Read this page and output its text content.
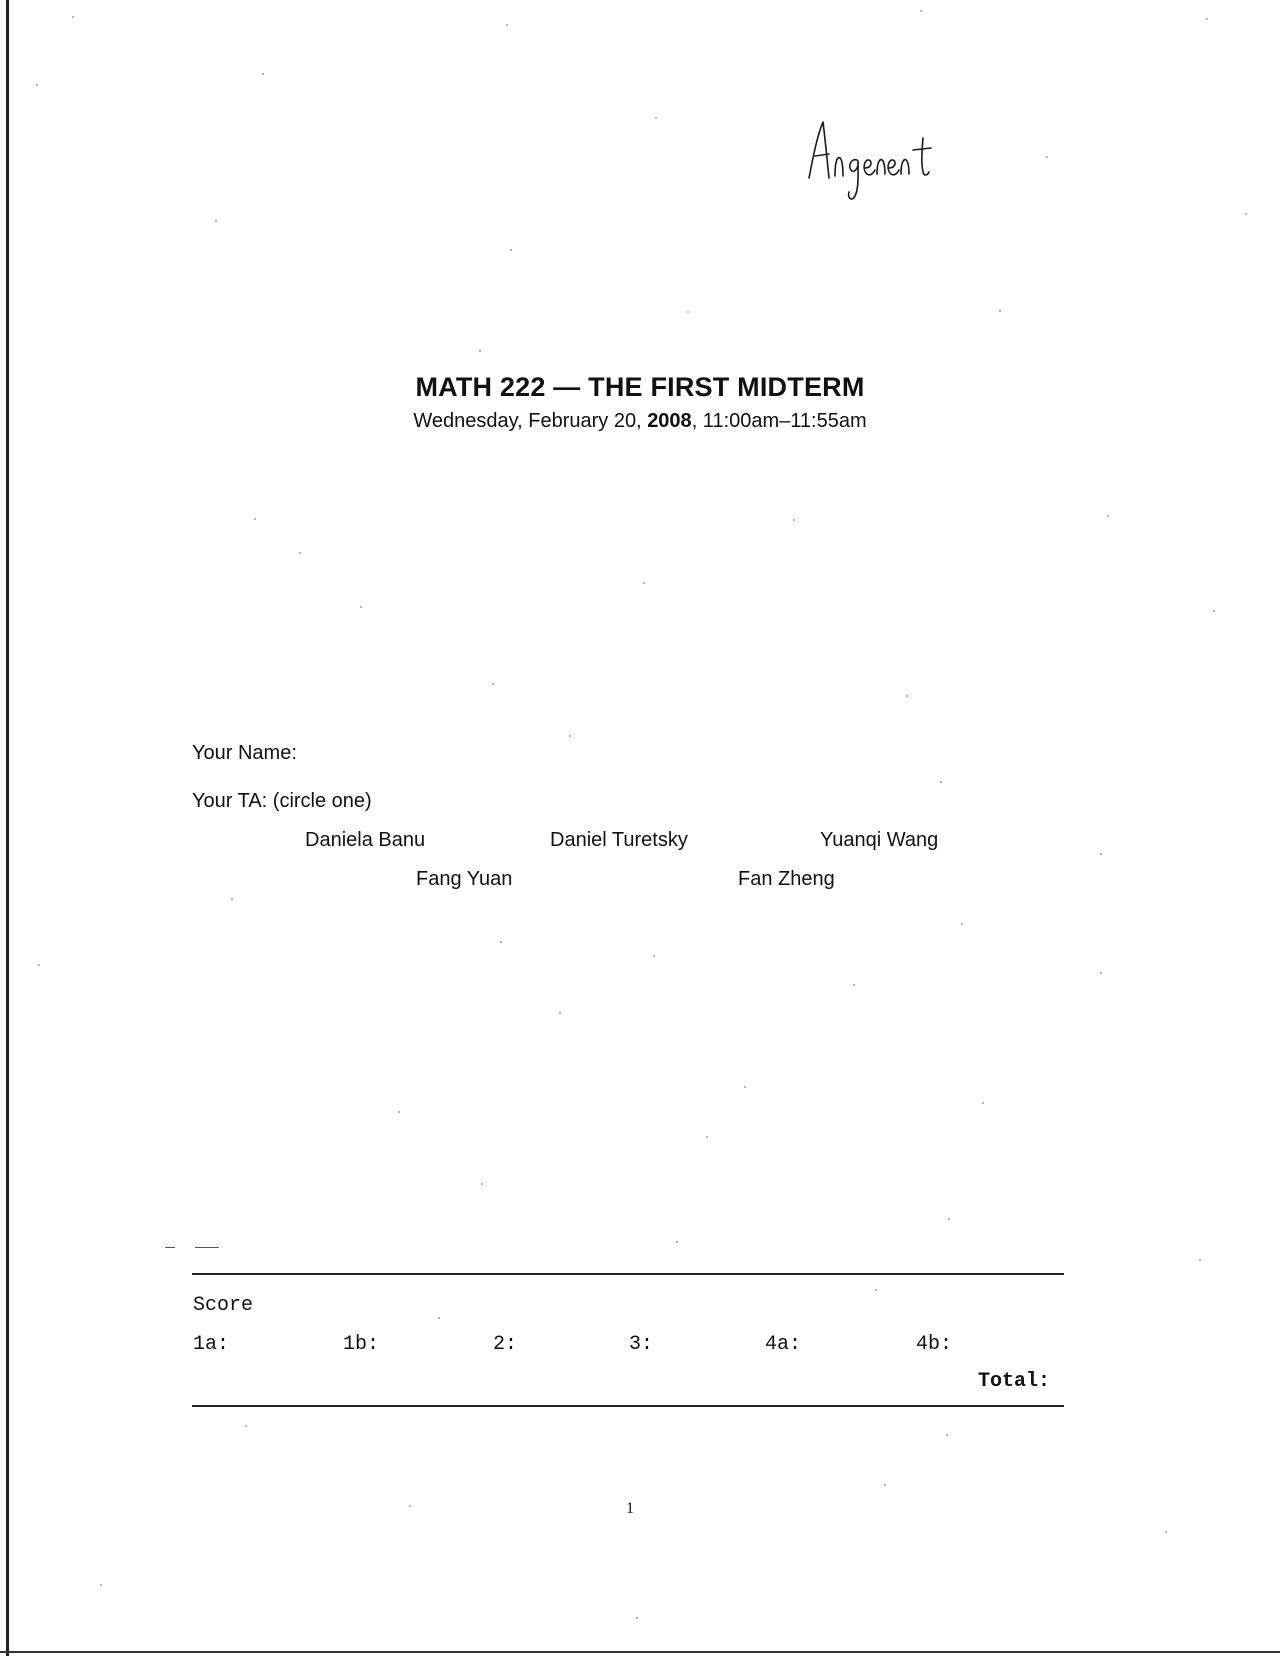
MATH 222 — THE FIRST MIDTERM
Wednesday, February 20, 2008, 11:00am–11:55am
Your Name:
Your TA: (circle one)
Daniela Banu	Daniel Turetsky	Yuanqi Wang
Fang Yuan	Fan Zheng
Score
1a:	1b:	2:	3:	4a:	4b:
Total:
1
